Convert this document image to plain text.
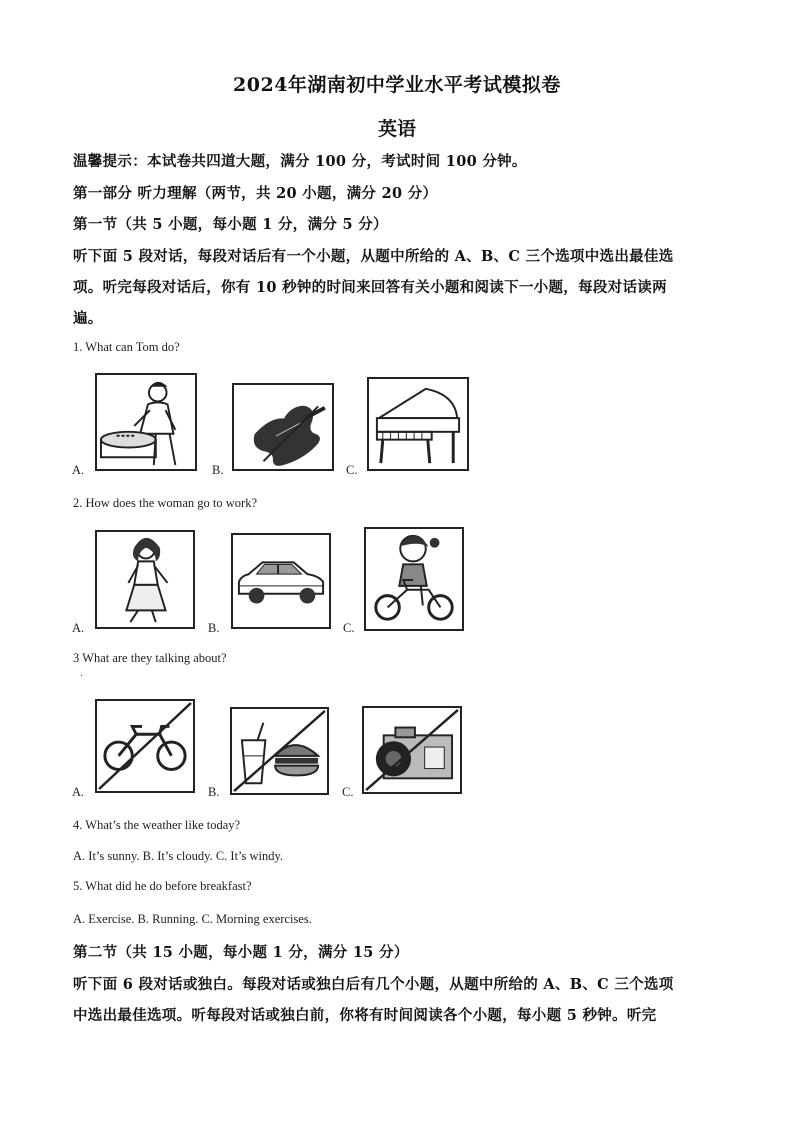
2024年湖南初中学业水平考试模拟卷
英语
温馨提示：本试卷共四道大题，满分 100 分，考试时间 100 分钟。
第一部分 听力理解（两节，共 20 小题，满分 20 分）
第一节（共 5 小题，每小题 1 分，满分 5 分）
听下面 5 段对话，每段对话后有一个小题，从题中所给的 A、B、C 三个选项中选出最佳选
项。听完每段对话后，你有 10 秒钟的时间来回答有关小题和阅读下一小题，每段对话读两
遍。
1. What can Tom do?
A.	B.	C.
2. How does the woman go to work?
A.	B.	C.
3 What are they talking about?
·
A.	B.	C.
4. What’s the weather like today?
A. It’s sunny. B. It’s cloudy. C. It’s windy.
5. What did he do before breakfast?
A. Exercise. B. Running. C. Morning exercises.
第二节（共 15 小题，每小题 1 分，满分 15 分）
听下面 6 段对话或独白。每段对话或独白后有几个小题，从题中所给的 A、B、C 三个选项
中选出最佳选项。听每段对话或独白前，你将有时间阅读各个小题，每小题 5 秒钟。听完
